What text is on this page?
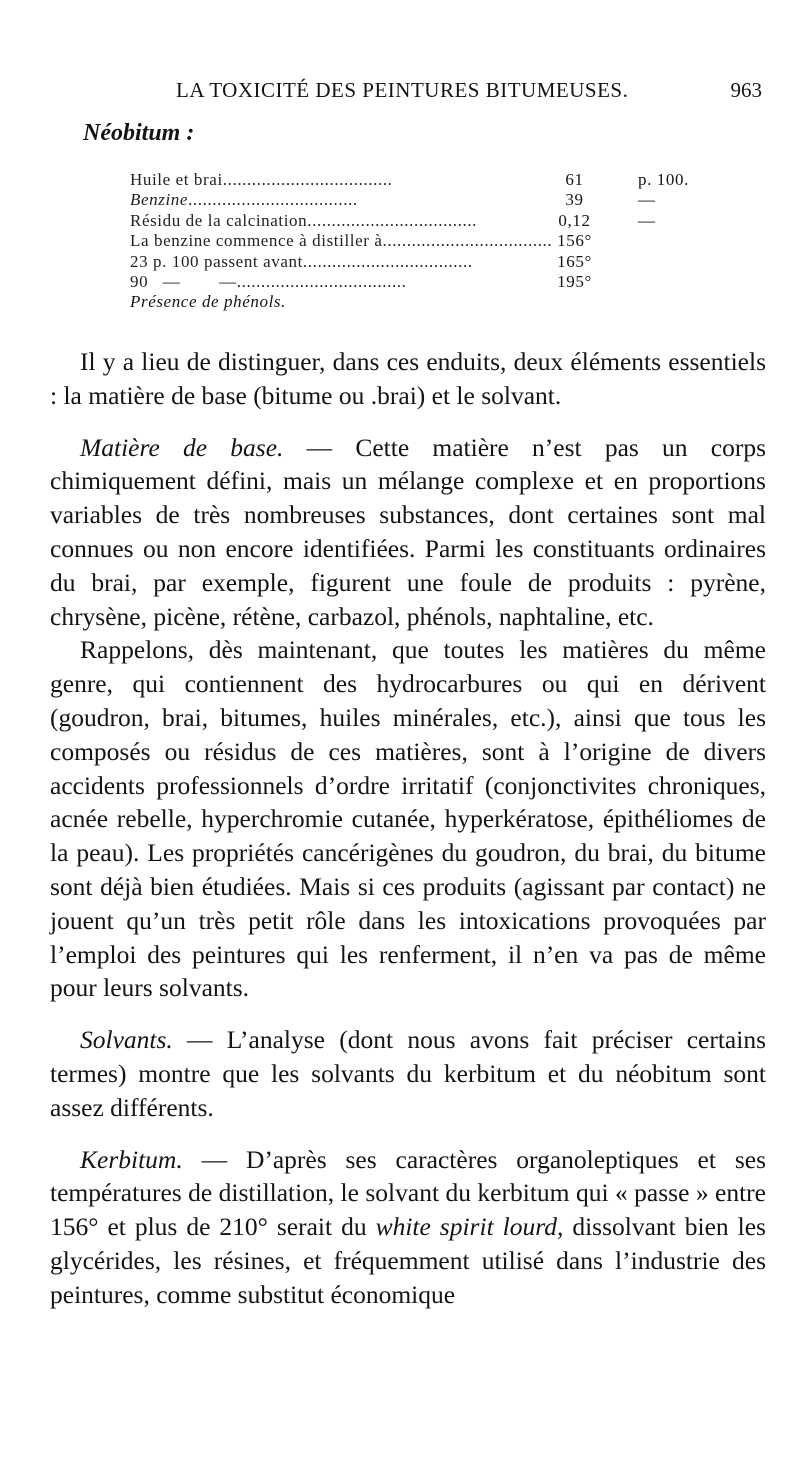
LA TOXICITÉ DES PEINTURES BITUMEUSES.	963
Néobitum :
Huile et brai...................................	61	p. 100.
Benzine...................................	39	—
Résidu de la calcination...................................	0,12	—
La benzine commence à distiller à................................... 156°
23 p. 100 passent avant...................................	165°
90   —        —...................................	195°
Présence de phénols.

Il y a lieu de distinguer, dans ces enduits, deux éléments essentiels : la matière de base (bitume ou .brai) et le solvant.

Matière de base. — Cette matière n’est pas un corps chimiquement défini, mais un mélange complexe et en proportions variables de très nombreuses substances, dont certaines sont mal connues ou non encore identifiées. Parmi les constituants ordinaires du brai, par exemple, figurent une foule de produits : pyrène, chrysène, picène, rétène, carbazol, phénols, naphtaline, etc.

Rappelons, dès maintenant, que toutes les matières du même genre, qui contiennent des hydrocarbures ou qui en dérivent (goudron, brai, bitumes, huiles minérales, etc.), ainsi que tous les composés ou résidus de ces matières, sont à l’origine de divers accidents professionnels d’ordre irritatif (conjonctivites chroniques, acnée rebelle, hyperchromie cutanée, hyperkératose, épithéliomes de la peau). Les propriétés cancérigènes du goudron, du brai, du bitume sont déjà bien étudiées. Mais si ces produits (agissant par contact) ne jouent qu’un très petit rôle dans les intoxications provoquées par l’emploi des peintures qui les renferment, il n’en va pas de même pour leurs solvants.

Solvants. — L’analyse (dont nous avons fait préciser certains termes) montre que les solvants du kerbitum et du néobitum sont assez différents.

Kerbitum. — D’après ses caractères organoleptiques et ses températures de distillation, le solvant du kerbitum qui « passe » entre 156° et plus de 210° serait du white spirit lourd, dissolvant bien les glycérides, les résines, et fréquemment utilisé dans l’industrie des peintures, comme substitut économique
